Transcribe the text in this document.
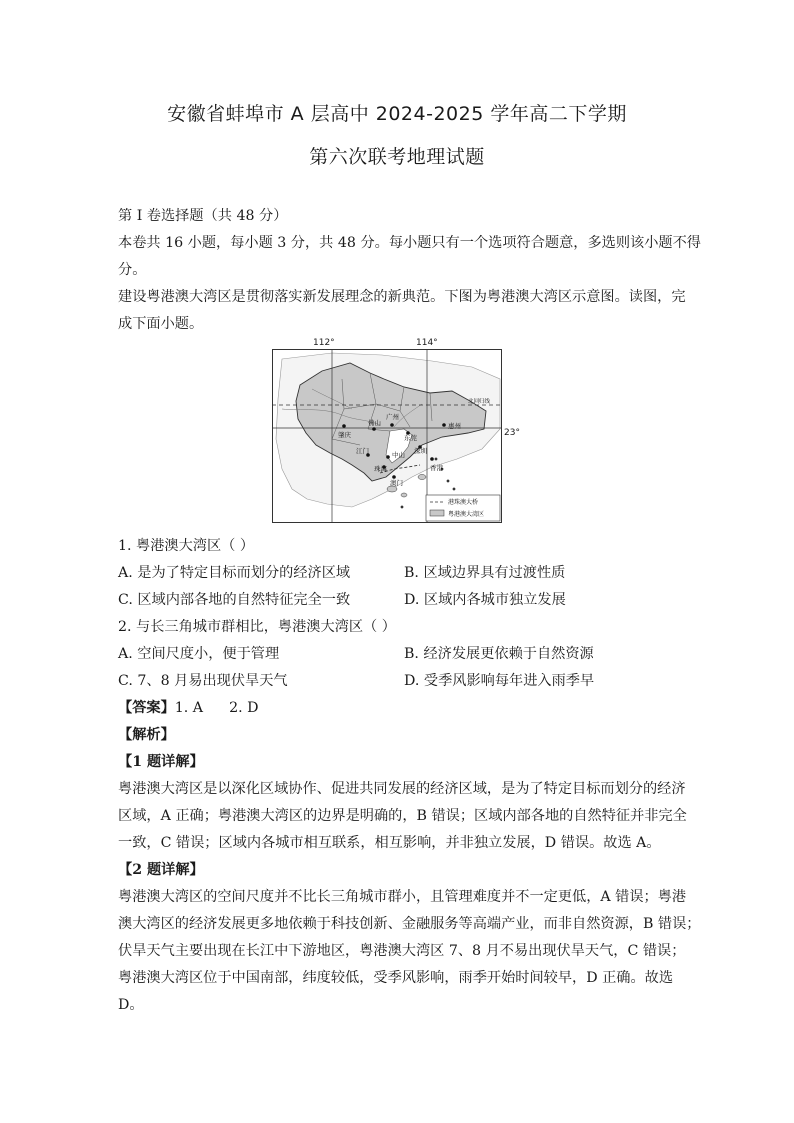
安徽省蚌埠市 A 层高中 2024-2025 学年高二下学期
第六次联考地理试题
第 I 卷选择题（共 48 分）
本卷共 16 小题，每小题 3 分，共 48 分。每小题只有一个选项符合题意，多选则该小题不得
分。
建设粤港澳大湾区是贯彻落实新发展理念的新典范。下图为粤港澳大湾区示意图。读图，完
成下面小题。
肇庆
佛山
广州
东莞
惠州
深圳
江门	中山
珠海
澳门
香港
北回归线
港珠澳大桥
粤港澳大湾区
112°	114°
23°
1. 粤港澳大湾区（ ）
A. 是为了特定目标而划分的经济区域	B. 区域边界具有过渡性质
C. 区域内部各地的自然特征完全一致	D. 区域内各城市独立发展
2. 与长三角城市群相比，粤港澳大湾区（ ）
A. 空间尺度小，便于管理	B. 经济发展更依赖于自然资源
C. 7、8 月易出现伏旱天气	D. 受季风影响每年进入雨季早
【答案】1. A 2. D
【解析】
【1 题详解】
粤港澳大湾区是以深化区域协作、促进共同发展的经济区域，是为了特定目标而划分的经济
区域，A 正确；粤港澳大湾区的边界是明确的，B 错误；区域内部各地的自然特征并非完全
一致，C 错误；区域内各城市相互联系，相互影响，并非独立发展，D 错误。故选 A。
【2 题详解】
粤港澳大湾区的空间尺度并不比长三角城市群小，且管理难度并不一定更低，A 错误；粤港
澳大湾区的经济发展更多地依赖于科技创新、金融服务等高端产业，而非自然资源，B 错误；
伏旱天气主要出现在长江中下游地区，粤港澳大湾区 7、8 月不易出现伏旱天气，C 错误；
粤港澳大湾区位于中国南部，纬度较低，受季风影响，雨季开始时间较早，D 正确。故选
D。
